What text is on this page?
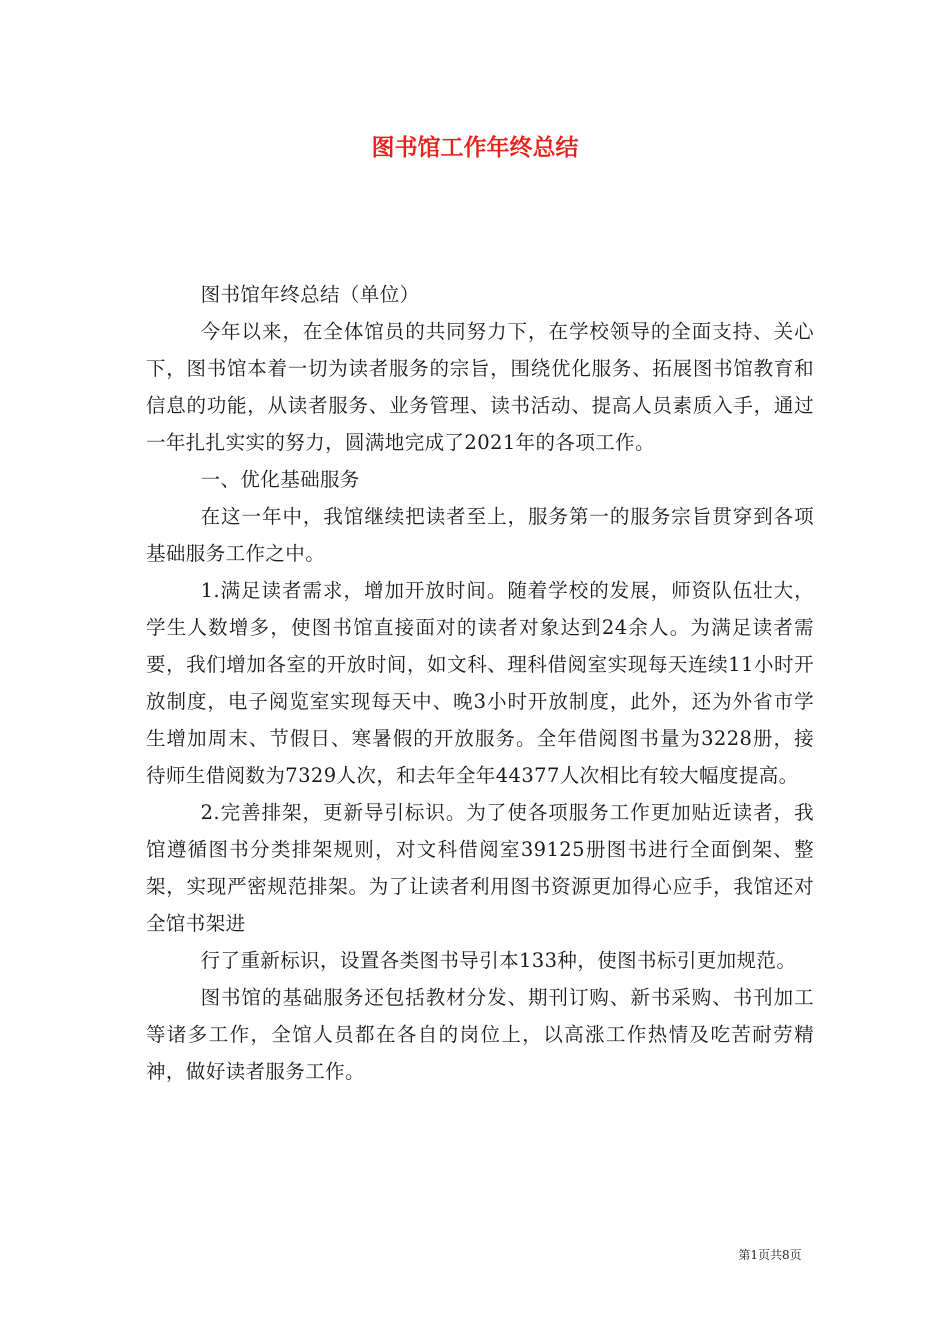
图书馆工作年终总结

图书馆年终总结（单位）

今年以来，在全体馆员的共同努力下，在学校领导的全面支持、关心下，图书馆本着一切为读者服务的宗旨，围绕优化服务、拓展图书馆教育和信息的功能，从读者服务、业务管理、读书活动、提高人员素质入手，通过一年扎扎实实的努力，圆满地完成了2021年的各项工作。

一、优化基础服务

在这一年中，我馆继续把读者至上，服务第一的服务宗旨贯穿到各项基础服务工作之中。

1.满足读者需求，增加开放时间。随着学校的发展，师资队伍壮大，学生人数增多，使图书馆直接面对的读者对象达到24余人。为满足读者需要，我们增加各室的开放时间，如文科、理科借阅室实现每天连续11小时开放制度，电子阅览室实现每天中、晚3小时开放制度，此外，还为外省市学生增加周末、节假日、寒暑假的开放服务。全年借阅图书量为3228册，接待师生借阅数为7329人次，和去年全年44377人次相比有较大幅度提高。

2.完善排架，更新导引标识。为了使各项服务工作更加贴近读者，我馆遵循图书分类排架规则，对文科借阅室39125册图书进行全面倒架、整架，实现严密规范排架。为了让读者利用图书资源更加得心应手，我馆还对全馆书架进

行了重新标识，设置各类图书导引本133种，使图书标引更加规范。

图书馆的基础服务还包括教材分发、期刊订购、新书采购、书刊加工等诸多工作，全馆人员都在各自的岗位上，以高涨工作热情及吃苦耐劳精神，做好读者服务工作。

第1页共8页
